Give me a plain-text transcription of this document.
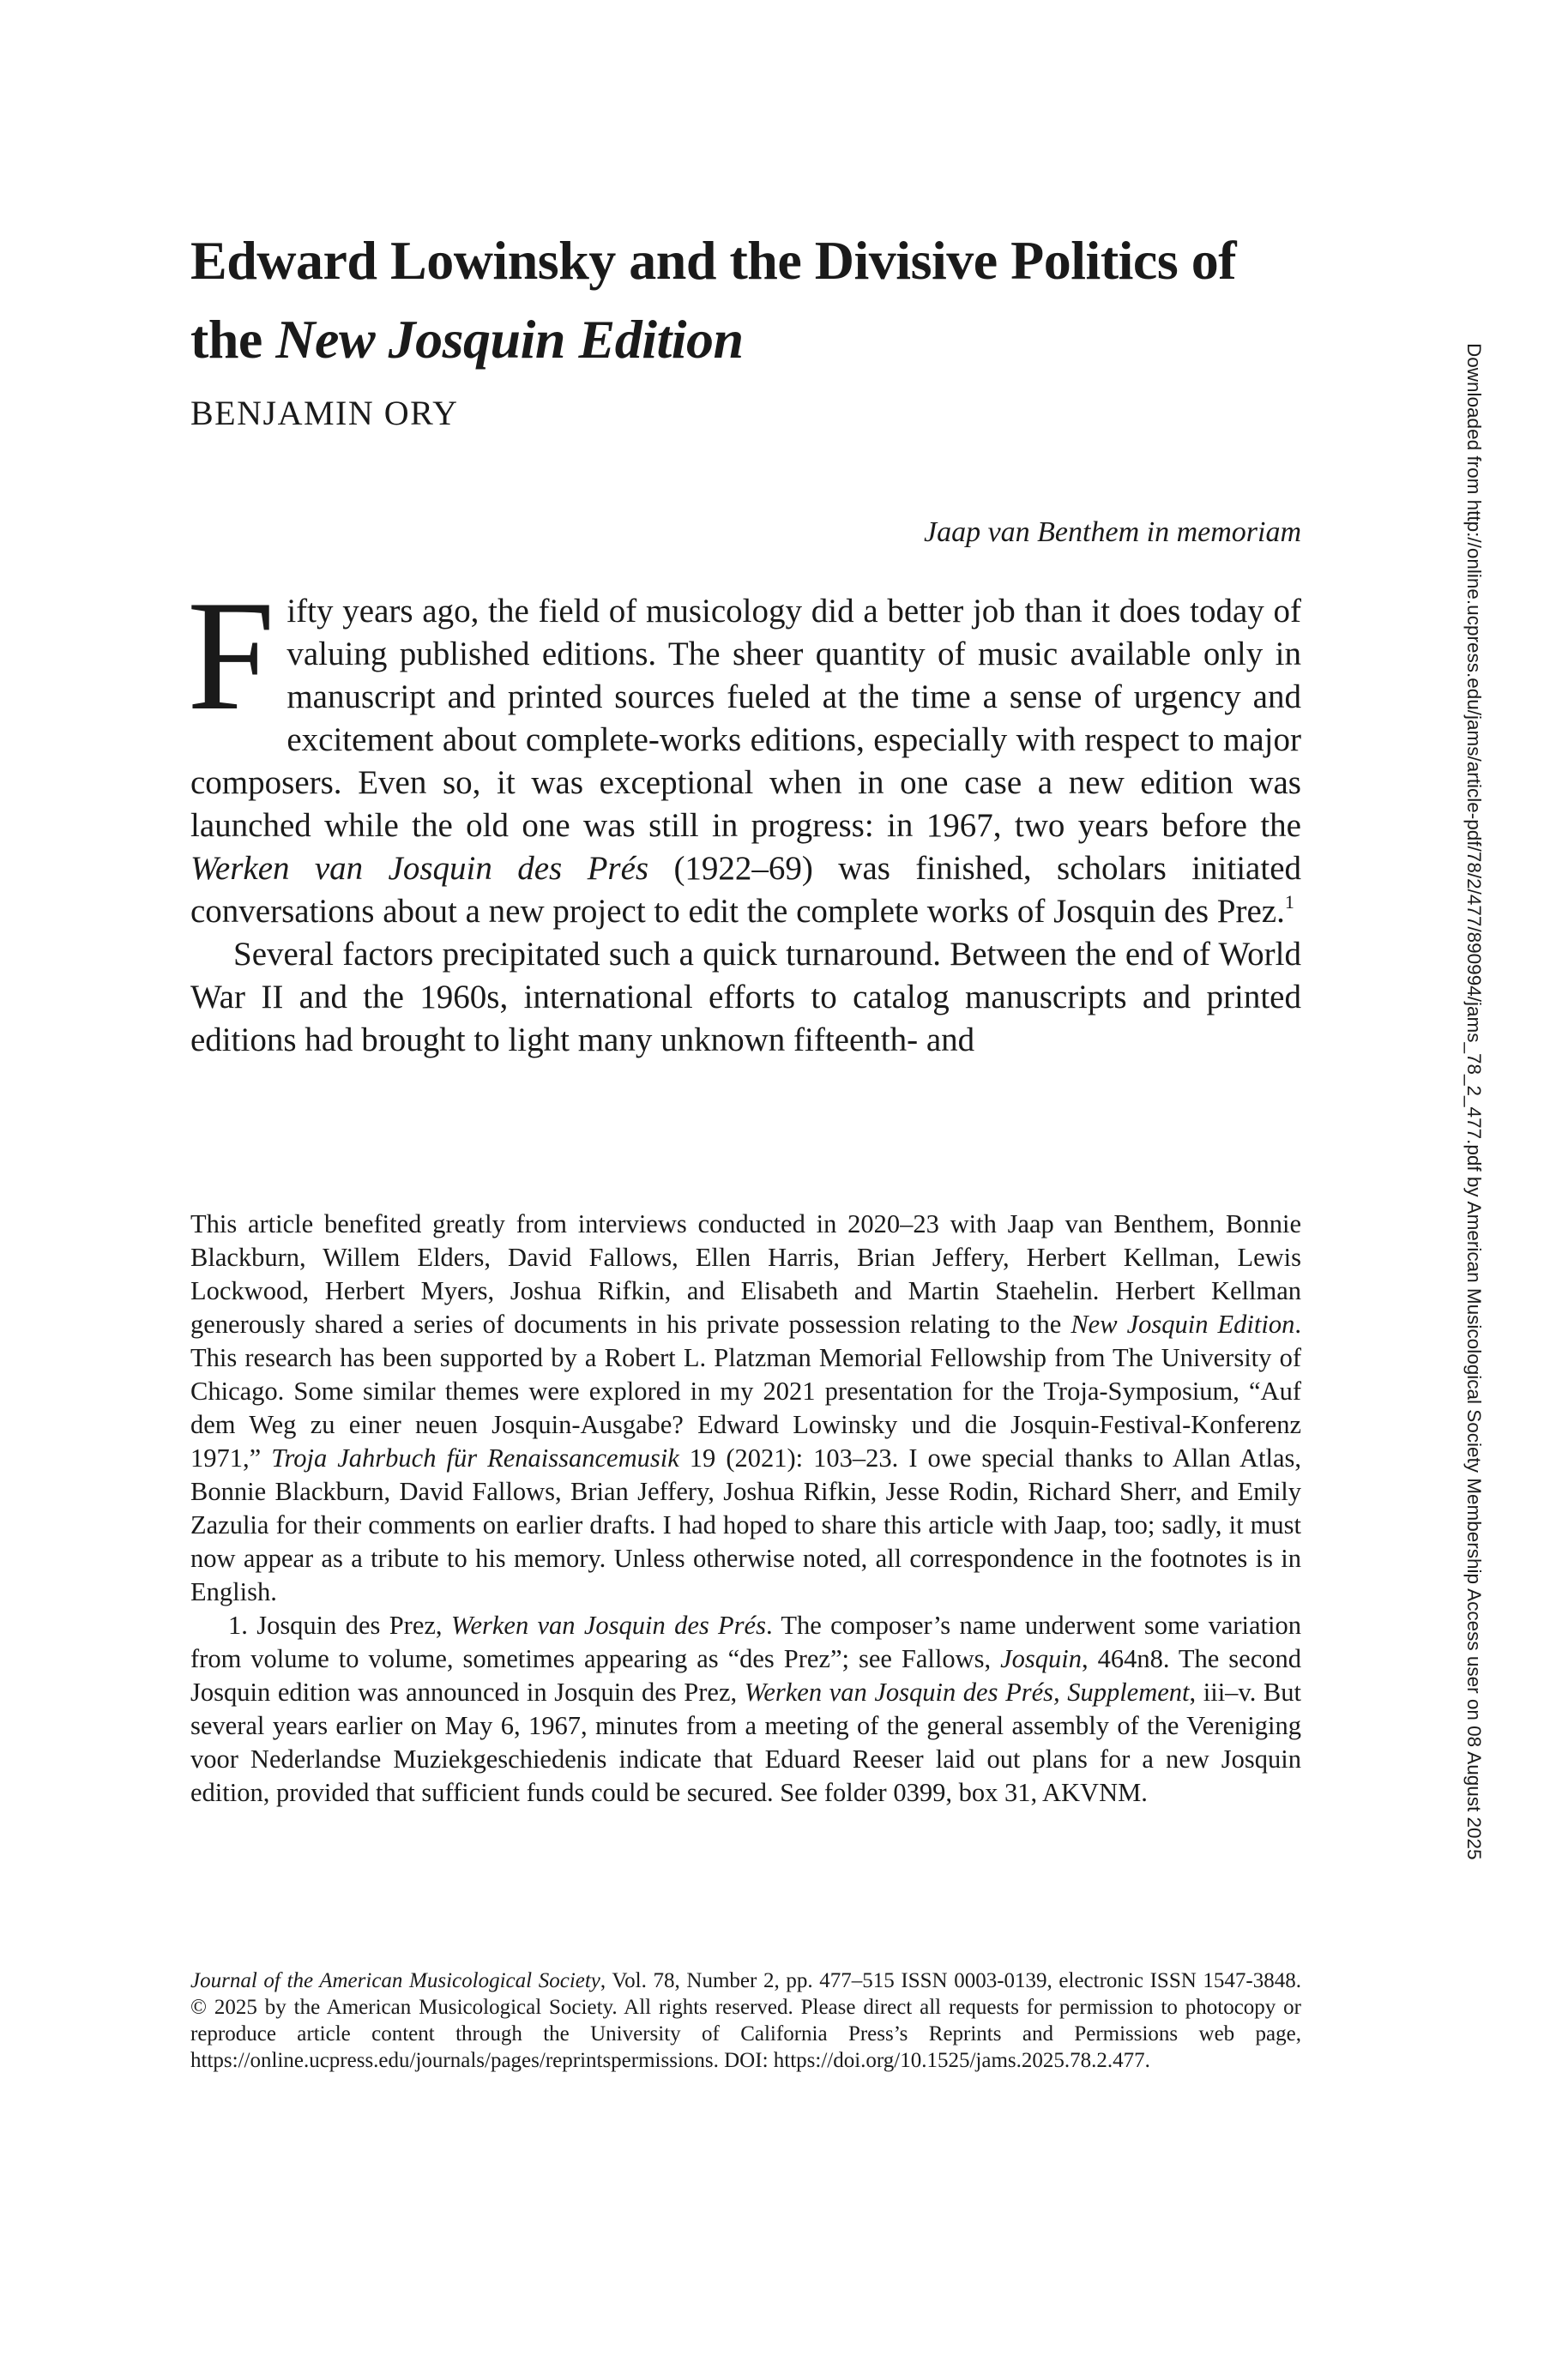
Edward Lowinsky and the Divisive Politics of
the New Josquin Edition
BENJAMIN ORY
Jaap van Benthem in memoriam

Fifty years ago, the field of musicology did a better job than it does today of valuing published editions. The sheer quantity of music available only in manuscript and printed sources fueled at the time a sense of urgency and excitement about complete-works editions, especially with respect to major composers. Even so, it was exceptional when in one case a new edition was launched while the old one was still in progress: in 1967, two years before the Werken van Josquin des Prés (1922–69) was finished, scholars initiated conversations about a new project to edit the complete works of Josquin des Prez.$^1$

Several factors precipitated such a quick turnaround. Between the end of World War II and the 1960s, international efforts to catalog manuscripts and printed editions had brought to light many unknown fifteenth- and

This article benefited greatly from interviews conducted in 2020–23 with Jaap van Benthem, Bonnie Blackburn, Willem Elders, David Fallows, Ellen Harris, Brian Jeffery, Herbert Kellman, Lewis Lockwood, Herbert Myers, Joshua Rifkin, and Elisabeth and Martin Staehelin. Herbert Kellman generously shared a series of documents in his private possession relating to the New Josquin Edition. This research has been supported by a Robert L. Platzman Memorial Fellowship from The University of Chicago. Some similar themes were explored in my 2021 presentation for the Troja-Symposium, “Auf dem Weg zu einer neuen Josquin-Ausgabe? Edward Lowinsky und die Josquin-Festival-Konferenz 1971,” Troja Jahrbuch für Renaissancemusik 19 (2021): 103–23. I owe special thanks to Allan Atlas, Bonnie Blackburn, David Fallows, Brian Jeffery, Joshua Rifkin, Jesse Rodin, Richard Sherr, and Emily Zazulia for their comments on earlier drafts. I had hoped to share this article with Jaap, too; sadly, it must now appear as a tribute to his memory. Unless otherwise noted, all correspondence in the footnotes is in English.

1. Josquin des Prez, Werken van Josquin des Prés. The composer’s name underwent some variation from volume to volume, sometimes appearing as “des Prez”; see Fallows, Josquin, 464n8. The second Josquin edition was announced in Josquin des Prez, Werken van Josquin des Prés, Supplement, iii–v. But several years earlier on May 6, 1967, minutes from a meeting of the general assembly of the Vereniging voor Nederlandse Muziekgeschiedenis indicate that Eduard Reeser laid out plans for a new Josquin edition, provided that sufficient funds could be secured. See folder 0399, box 31, AKVNM.

Journal of the American Musicological Society, Vol. 78, Number 2, pp. 477–515 ISSN 0003-0139, electronic ISSN 1547-3848. © 2025 by the American Musicological Society. All rights reserved. Please direct all requests for permission to photocopy or reproduce article content through the University of California Press’s Reprints and Permissions web page, https://online.ucpress.edu/journals/pages/reprintspermissions. DOI: https://doi.org/10.1525/jams.2025.78.2.477.

Downloaded from http://online.ucpress.edu/jams/article-pdf/78/2/477/890994/jams_78_2_477.pdf by American Musicological Society Membership Access user on 08 August 2025
